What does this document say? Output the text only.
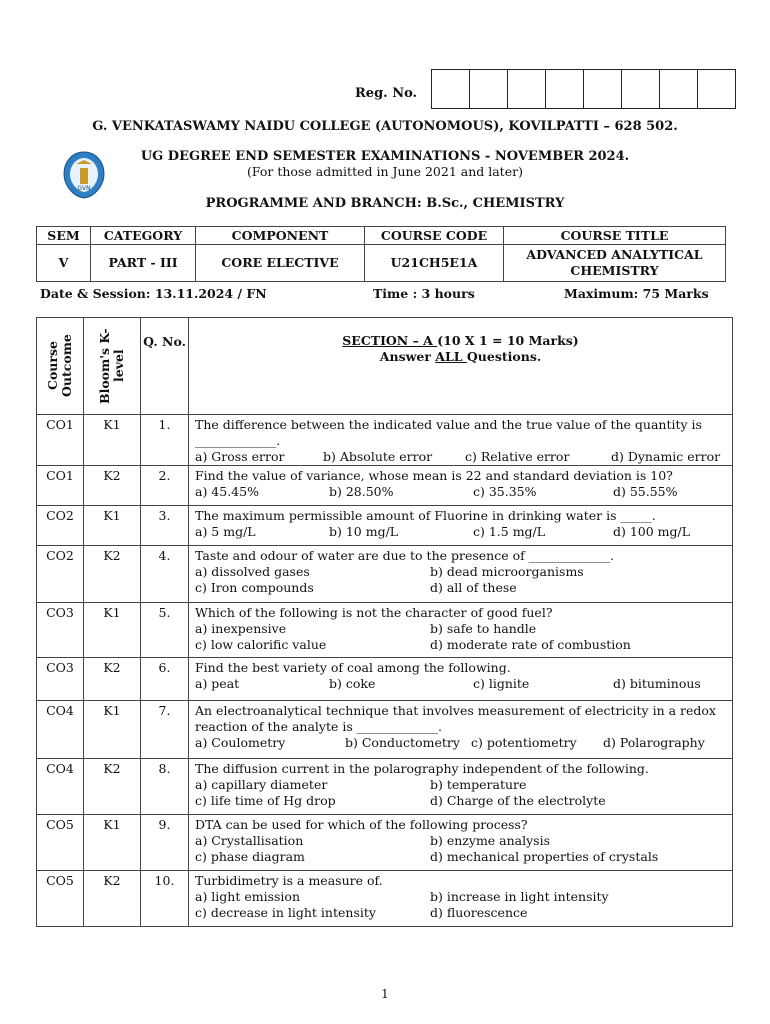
Reg. No.
G. VENKATASWAMY NAIDU COLLEGE (AUTONOMOUS), KOVILPATTI – 628 502.
GVN
UG DEGREE END SEMESTER EXAMINATIONS - NOVEMBER 2024.
(For those admitted in June 2021 and later)
PROGRAMME AND BRANCH: B.Sc., CHEMISTRY
SEM	CATEGORY	COMPONENT	COURSE CODE	COURSE TITLE
V	PART - III	CORE ELECTIVE	U21CH5E1A	ADVANCED ANALYTICAL CHEMISTRY
Date & Session: 13.11.2024 / FN	Time : 3 hours	Maximum: 75 Marks
Course Outcome	Bloom's K-level	Q. No.	SECTION – A (10 X 1 = 10 Marks)
Answer ALL Questions.

CO1	K1	1.	The difference between the indicated value and the true value of the quantity is _____________.
a) Gross error b) Absolute error c) Relative error d) Dynamic error

CO1	K2	2.	Find the value of variance, whose mean is 22 and standard deviation is 10?
a) 45.45% b) 28.50% c) 35.35% d) 55.55%

CO2	K1	3.	The maximum permissible amount of Fluorine in drinking water is _____.
a) 5 mg/L b) 10 mg/L c) 1.5 mg/L d) 100 mg/L

CO2	K2	4.	Taste and odour of water are due to the presence of _____________.
a) dissolved gases b) dead microorganisms
c) Iron compounds d) all of these

CO3	K1	5.	Which of the following is not the character of good fuel?
a) inexpensive b) safe to handle
c) low calorific value d) moderate rate of combustion

CO3	K2	6.	Find the best variety of coal among the following.
a) peat b) coke c) lignite d) bituminous

CO4	K1	7.	An electroanalytical technique that involves measurement of electricity in a redox reaction of the analyte is _____________.
a) Coulometry b) Conductometry c) potentiometry d) Polarography

CO4	K2	8.	The diffusion current in the polarography independent of the following.
a) capillary diameter b) temperature
c) life time of Hg drop d) Charge of the electrolyte

CO5	K1	9.	DTA can be used for which of the following process?
a) Crystallisation b) enzyme analysis
c) phase diagram d) mechanical properties of crystals

CO5	K2	10.	Turbidimetry is a measure of.
a) light emission b) increase in light intensity
c) decrease in light intensity d) fluorescence
1
